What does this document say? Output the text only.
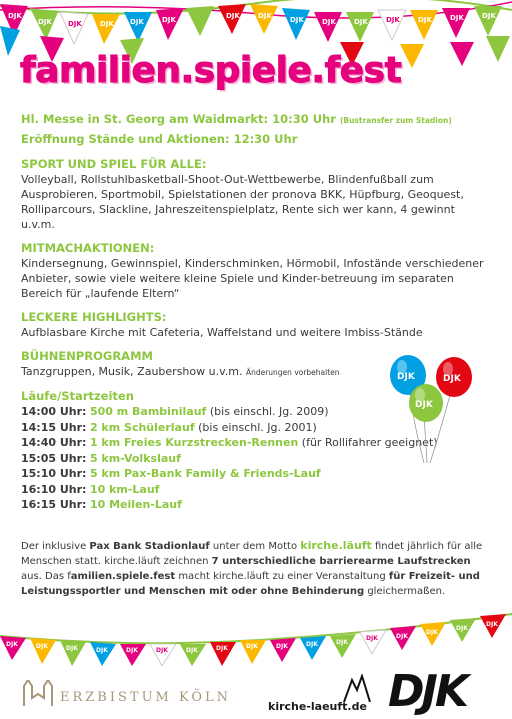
DJK
DJK	DJK DJK	DJK	DJK	DJK	DJK	DJK	DJK	DJK	DJK	DJK
DJK	DJK
familien.spiele.fest
Hl. Messe in St. Georg am Waidmarkt: 10:30 Uhr (Bustransfer zum Stadion)
Eröffnung Stände und Aktionen: 12:30 Uhr
SPORT UND SPIEL FÜR ALLE:
Volleyball, Rollstuhlbasketball-Shoot-Out-Wettbewerbe, Blindenfußball zum Ausprobieren, Sportmobil, Spielstationen der pronova BKK, Hüpfburg, Geoquest, Rolliparcours, Slackline, Jahreszeitenspielplatz, Rente sich wer kann, 4 gewinnt u.v.m.
MITMACHAKTIONEN:
Kindersegnung, Gewinnspiel, Kinderschminken, Hörmobil, Infostände verschiedener Anbieter, sowie viele weitere kleine Spiele und Kinder-betreuung im separaten Bereich für „laufende Eltern“
LECKERE HIGHLIGHTS:
Aufblasbare Kirche mit Cafeteria, Waffelstand und weitere Imbiss-Stände
BÜHNENPROGRAMM
Tanzgruppen, Musik, Zaubershow u.v.m. Änderungen vorbehalten
Läufe/Startzeiten
14:00 Uhr: 500 m Bambinilauf (bis einschl. Jg. 2009)
14:15 Uhr: 2 km Schülerlauf (bis einschl. Jg. 2001)
14:40 Uhr: 1 km Freies Kurzstrecken-Rennen (für Rollifahrer geeignet)
15:05 Uhr: 5 km-Volkslauf
15:10 Uhr: 5 km Pax-Bank Family & Friends-Lauf
16:10 Uhr: 10 km-Lauf
16:15 Uhr: 10 Meilen-Lauf
DJK	DJK
DJK
Der inklusive Pax Bank Stadionlauf unter dem Motto kirche.läuft findet jährlich für alle Menschen statt. kirche.läuft zeichnen 7 unterschiedliche barrierearme Laufstrecken aus. Das familien.spiele.fest macht kirche.läuft zu einer Veranstaltung für Freizeit- und Leistungssportler und Menschen mit oder ohne Behinderung gleichermaßen.
DJK	DJK	DJK	DJK	DJK	DJK	DJK	DJK	DJK	DJK	DJK
DJK
DJK
DJK
DJK
DJK
DJK
ERZBISTUM KÖLN
kirche-laeuft.de DJK
